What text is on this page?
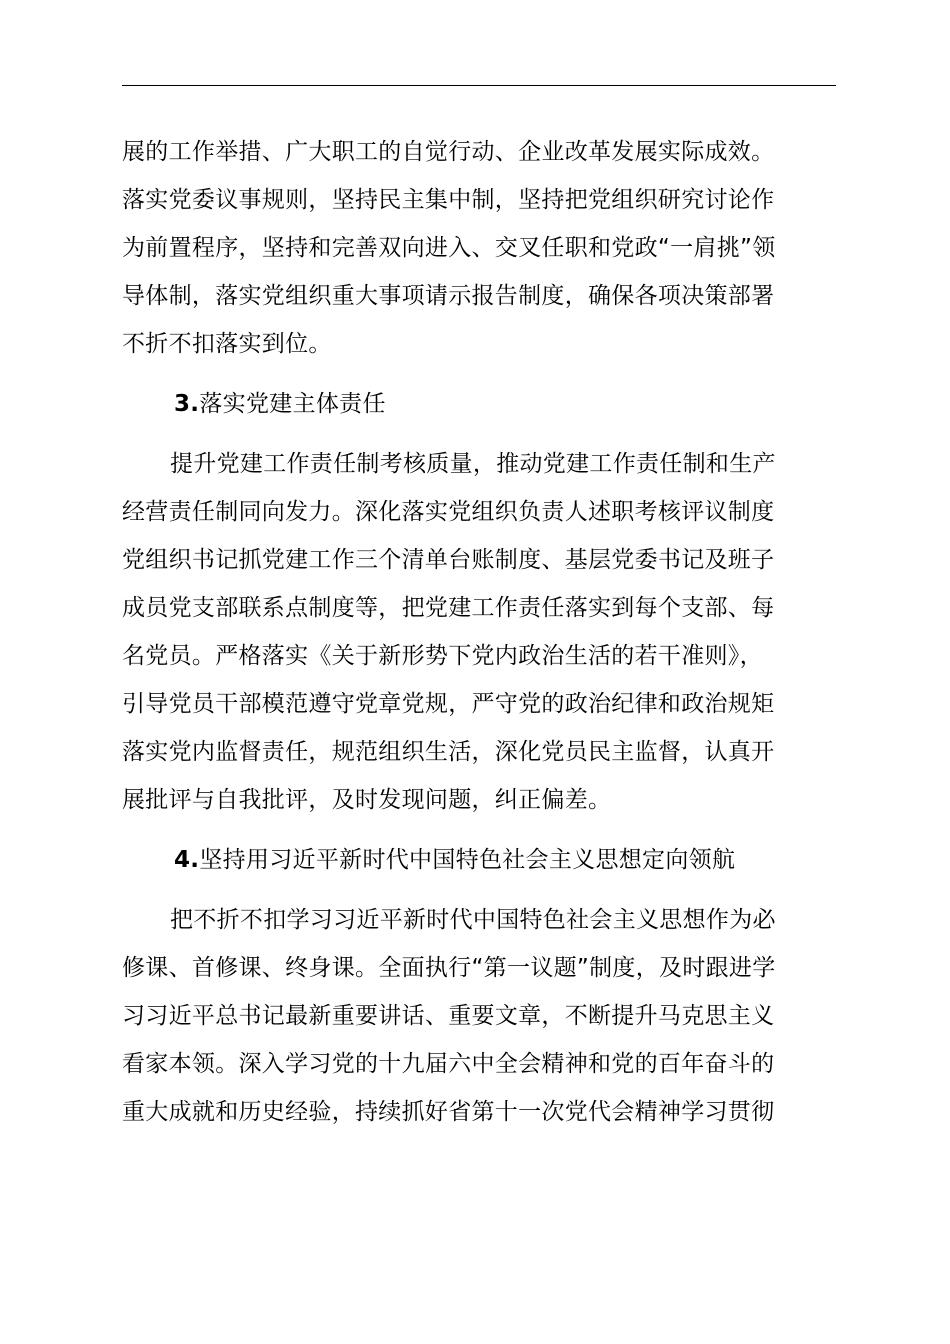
展的工作举措、广大职工的自觉行动、企业改革发展实际成效。
落实党委议事规则，坚持民主集中制，坚持把党组织研究讨论作
为前置程序，坚持和完善双向进入、交叉任职和党政“一肩挑”领
导体制，落实党组织重大事项请示报告制度，确保各项决策部署
不折不扣落实到位。
3.落实党建主体责任
提升党建工作责任制考核质量，推动党建工作责任制和生产
经营责任制同向发力。深化落实党组织负责人述职考核评议制度
党组织书记抓党建工作三个清单台账制度、基层党委书记及班子
成员党支部联系点制度等，把党建工作责任落实到每个支部、每
名党员。严格落实《关于新形势下党内政治生活的若干准则》，
引导党员干部模范遵守党章党规，严守党的政治纪律和政治规矩
落实党内监督责任，规范组织生活，深化党员民主监督，认真开
展批评与自我批评，及时发现问题，纠正偏差。
4.坚持用习近平新时代中国特色社会主义思想定向领航
把不折不扣学习习近平新时代中国特色社会主义思想作为必
修课、首修课、终身课。全面执行“第一议题”制度，及时跟进学
习习近平总书记最新重要讲话、重要文章，不断提升马克思主义
看家本领。深入学习党的十九届六中全会精神和党的百年奋斗的
重大成就和历史经验，持续抓好省第十一次党代会精神学习贯彻
